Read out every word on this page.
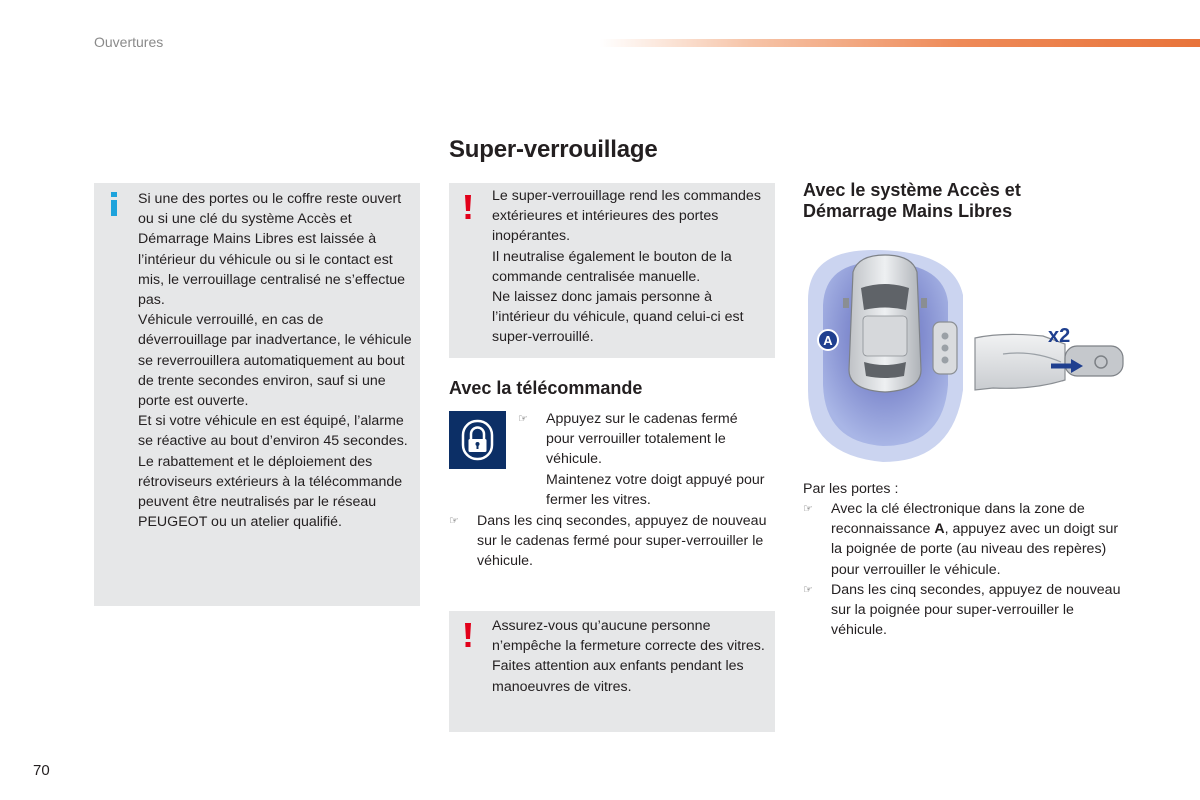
Ouvertures
Super-verrouillage

Si une des portes ou le coffre reste ouvert ou si une clé du système Accès et Démarrage Mains Libres est laissée à l’intérieur du véhicule ou si le contact est mis, le verrouillage centralisé ne s’effectue pas.

Véhicule verrouillé, en cas de déverrouillage par inadvertance, le véhicule se reverrouillera automatiquement au bout de trente secondes environ, sauf si une porte est ouverte.

Et si votre véhicule en est équipé, l’alarme se réactive au bout d’environ 45 secondes.

Le rabattement et le déploiement des rétroviseurs extérieurs à la télécommande peuvent être neutralisés par le réseau PEUGEOT ou un atelier qualifié.

Le super-verrouillage rend les commandes extérieures et intérieures des portes inopérantes.

Il neutralise également le bouton de la commande centralisée manuelle.

Ne laissez donc jamais personne à l’intérieur du véhicule, quand celui-ci est super-verrouillé.

Avec la télécommande
☞ Appuyez sur le cadenas fermé pour verrouiller totalement le véhicule.
Maintenez votre doigt appuyé pour fermer les vitres.
☞ Dans les cinq secondes, appuyez de nouveau sur le cadenas fermé pour super-verrouiller le véhicule.

Assurez-vous qu’aucune personne n’empêche la fermeture correcte des vitres.

Faites attention aux enfants pendant les manoeuvres de vitres.

Avec le système Accès et Démarrage Mains Libres
A	x2
Par les portes :
☞ Avec la clé électronique dans la zone de reconnaissance A, appuyez avec un doigt sur la poignée de porte (au niveau des repères) pour verrouiller le véhicule.
☞ Dans les cinq secondes, appuyez de nouveau sur la poignée pour super-verrouiller le véhicule.
70
